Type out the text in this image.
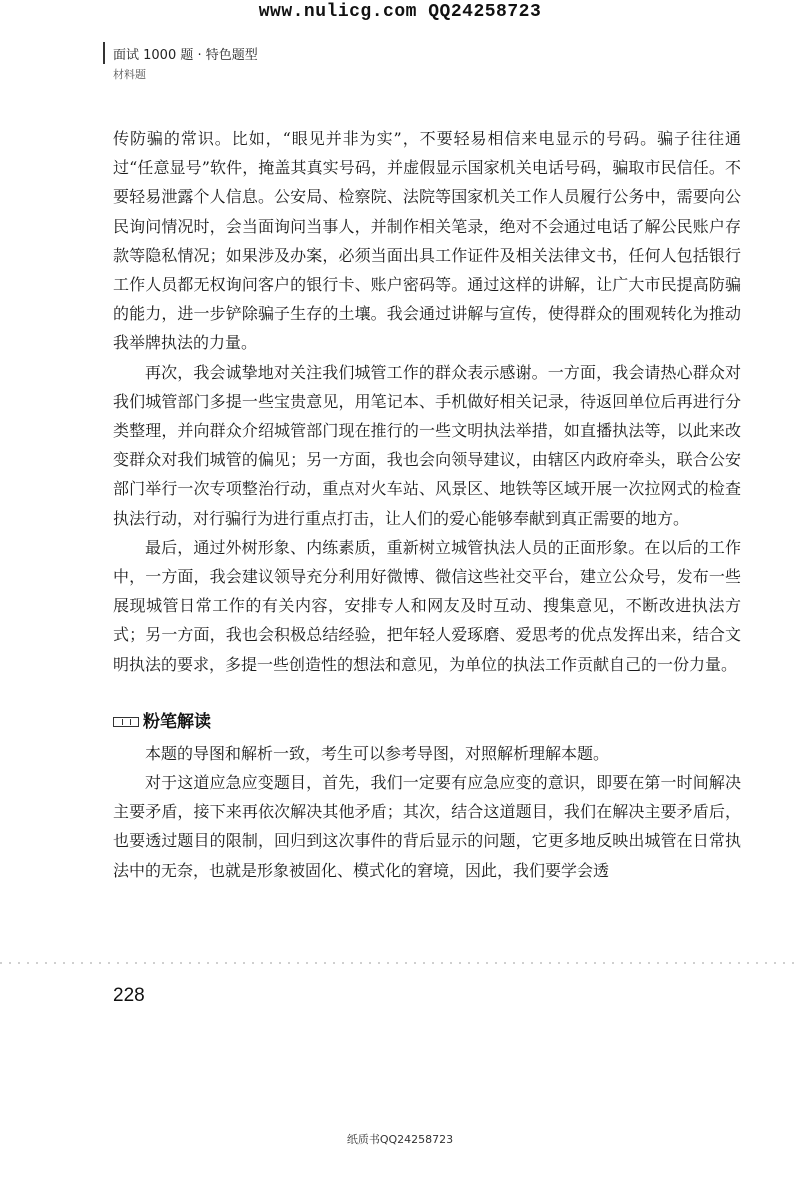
www.nulicg.com QQ24258723
面试 1000 题 · 特色题型
材料题

传防骗的常识。比如，“眼见并非为实”，不要轻易相信来电显示的号码。骗子往往通过“任意显号”软件，掩盖其真实号码，并虚假显示国家机关电话号码，骗取市民信任。不要轻易泄露个人信息。公安局、检察院、法院等国家机关工作人员履行公务中，需要向公民询问情况时，会当面询问当事人，并制作相关笔录，绝对不会通过电话了解公民账户存款等隐私情况；如果涉及办案，必须当面出具工作证件及相关法律文书，任何人包括银行工作人员都无权询问客户的银行卡、账户密码等。通过这样的讲解，让广大市民提高防骗的能力，进一步铲除骗子生存的土壤。我会通过讲解与宣传，使得群众的围观转化为推动我举牌执法的力量。

再次，我会诚挚地对关注我们城管工作的群众表示感谢。一方面，我会请热心群众对我们城管部门多提一些宝贵意见，用笔记本、手机做好相关记录，待返回单位后再进行分类整理，并向群众介绍城管部门现在推行的一些文明执法举措，如直播执法等，以此来改变群众对我们城管的偏见；另一方面，我也会向领导建议，由辖区内政府牵头，联合公安部门举行一次专项整治行动，重点对火车站、风景区、地铁等区域开展一次拉网式的检查执法行动，对行骗行为进行重点打击，让人们的爱心能够奉献到真正需要的地方。

最后，通过外树形象、内练素质，重新树立城管执法人员的正面形象。在以后的工作中，一方面，我会建议领导充分利用好微博、微信这些社交平台，建立公众号，发布一些展现城管日常工作的有关内容，安排专人和网友及时互动、搜集意见，不断改进执法方式；另一方面，我也会积极总结经验，把年轻人爱琢磨、爱思考的优点发挥出来，结合文明执法的要求，多提一些创造性的想法和意见，为单位的执法工作贡献自己的一份力量。

粉笔解读

本题的导图和解析一致，考生可以参考导图，对照解析理解本题。

对于这道应急应变题目，首先，我们一定要有应急应变的意识，即要在第一时间解决主要矛盾，接下来再依次解决其他矛盾；其次，结合这道题目，我们在解决主要矛盾后，也要透过题目的限制，回归到这次事件的背后显示的问题，它更多地反映出城管在日常执法中的无奈，也就是形象被固化、模式化的窘境，因此，我们要学会透

228
纸质书QQ24258723
